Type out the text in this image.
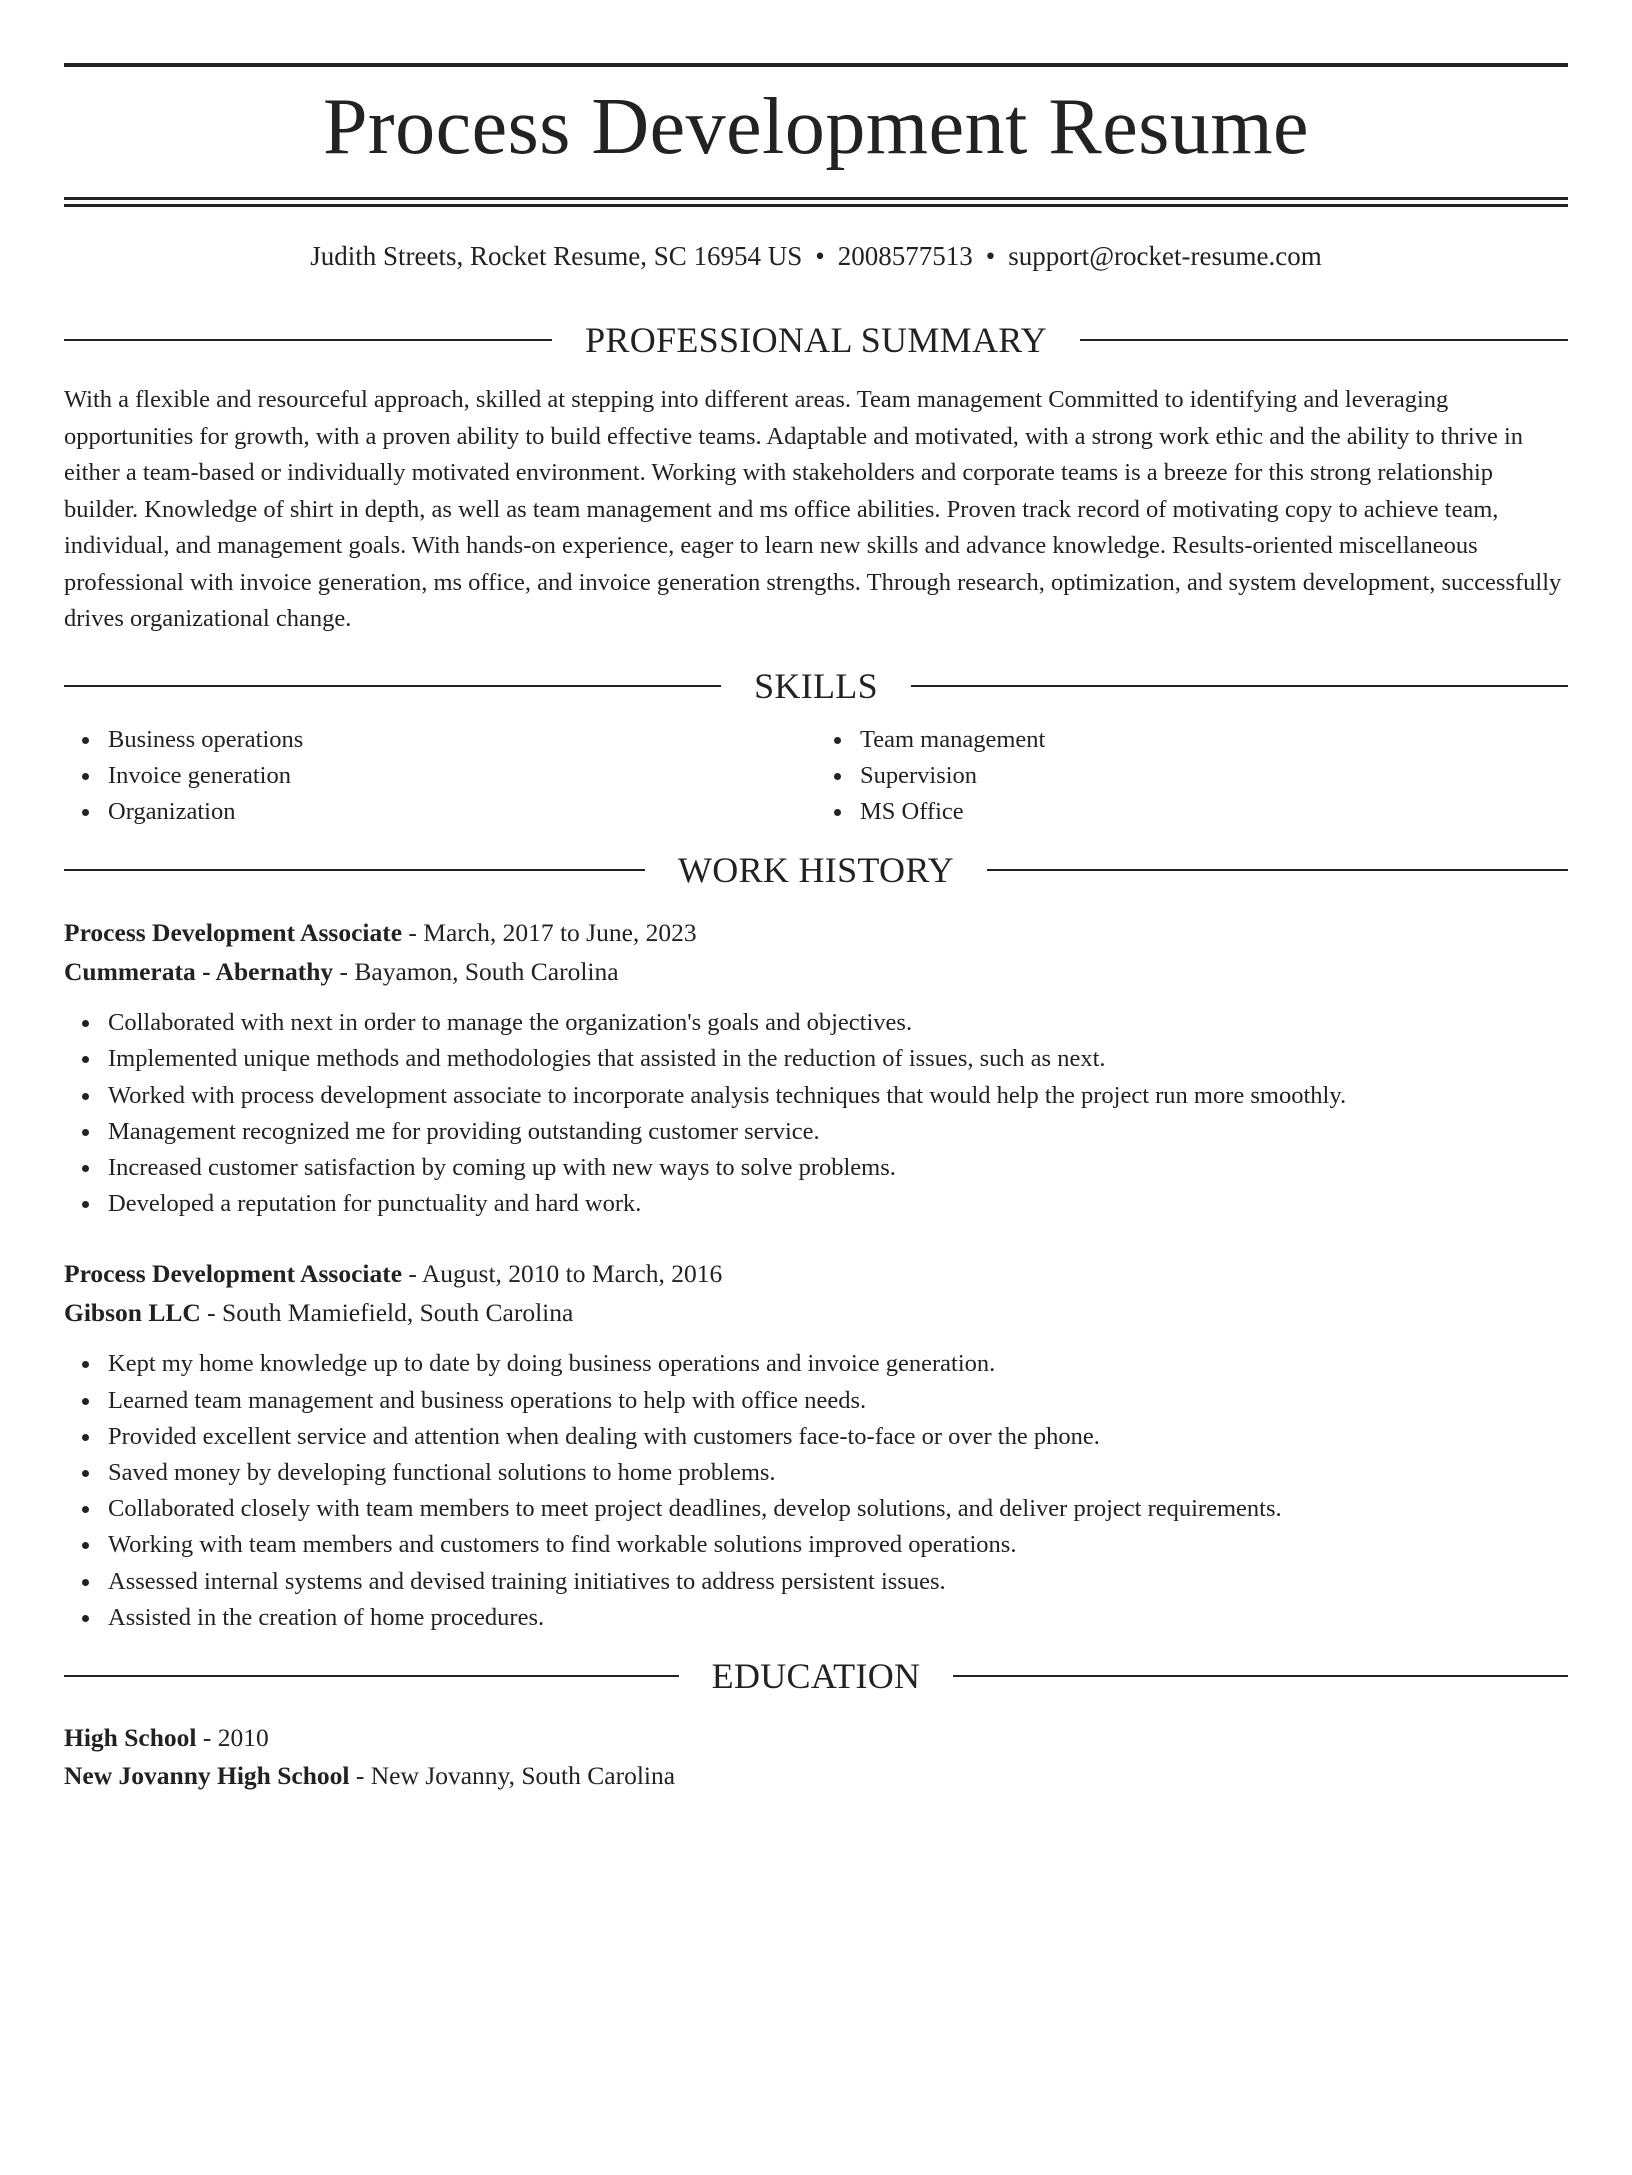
Process Development Resume
Judith Streets, Rocket Resume, SC 16954 US • 2008577513 • support@rocket-resume.com
PROFESSIONAL SUMMARY
With a flexible and resourceful approach, skilled at stepping into different areas. Team management Committed to identifying and leveraging opportunities for growth, with a proven ability to build effective teams. Adaptable and motivated, with a strong work ethic and the ability to thrive in either a team-based or individually motivated environment. Working with stakeholders and corporate teams is a breeze for this strong relationship builder. Knowledge of shirt in depth, as well as team management and ms office abilities. Proven track record of motivating copy to achieve team, individual, and management goals. With hands-on experience, eager to learn new skills and advance knowledge. Results-oriented miscellaneous professional with invoice generation, ms office, and invoice generation strengths. Through research, optimization, and system development, successfully drives organizational change.
SKILLS
Business operations
Invoice generation
Organization
Team management
Supervision
MS Office
WORK HISTORY
Process Development Associate - March, 2017 to June, 2023
Cummerata - Abernathy - Bayamon, South Carolina
Collaborated with next in order to manage the organization's goals and objectives.
Implemented unique methods and methodologies that assisted in the reduction of issues, such as next.
Worked with process development associate to incorporate analysis techniques that would help the project run more smoothly.
Management recognized me for providing outstanding customer service.
Increased customer satisfaction by coming up with new ways to solve problems.
Developed a reputation for punctuality and hard work.
Process Development Associate - August, 2010 to March, 2016
Gibson LLC - South Mamiefield, South Carolina
Kept my home knowledge up to date by doing business operations and invoice generation.
Learned team management and business operations to help with office needs.
Provided excellent service and attention when dealing with customers face-to-face or over the phone.
Saved money by developing functional solutions to home problems.
Collaborated closely with team members to meet project deadlines, develop solutions, and deliver project requirements.
Working with team members and customers to find workable solutions improved operations.
Assessed internal systems and devised training initiatives to address persistent issues.
Assisted in the creation of home procedures.
EDUCATION
High School - 2010
New Jovanny High School - New Jovanny, South Carolina
